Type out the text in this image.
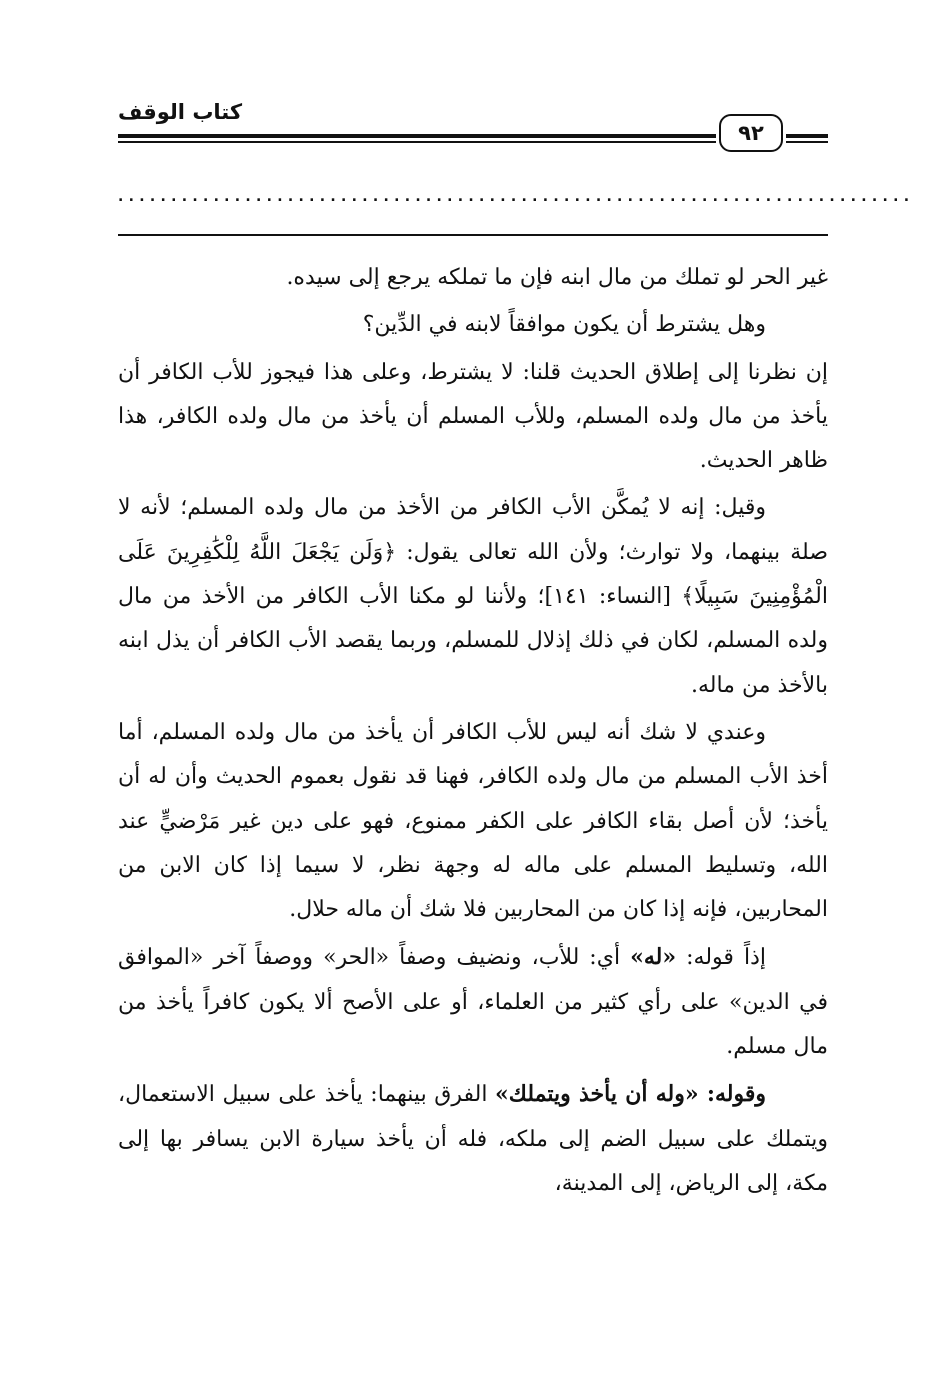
كتاب الوقف
٩٢
...........................................................................

غير الحر لو تملك من مال ابنه فإن ما تملكه يرجع إلى سيده.

وهل يشترط أن يكون موافقاً لابنه في الدِّين؟

إن نظرنا إلى إطلاق الحديث قلنا: لا يشترط، وعلى هذا فيجوز للأب الكافر أن يأخذ من مال ولده المسلم، وللأب المسلم أن يأخذ من مال ولده الكافر، هذا ظاهر الحديث.

وقيل: إنه لا يُمكَّن الأب الكافر من الأخذ من مال ولده المسلم؛ لأنه لا صلة بينهما، ولا توارث؛ ولأن الله تعالى يقول: ﴿وَلَن يَجْعَلَ اللَّهُ لِلْكَٰفِرِينَ عَلَى الْمُؤْمِنِينَ سَبِيلًا﴾ [النساء: ١٤١]؛ ولأننا لو مكنا الأب الكافر من الأخذ من مال ولده المسلم، لكان في ذلك إذلال للمسلم، وربما يقصد الأب الكافر أن يذل ابنه بالأخذ من ماله.

وعندي لا شك أنه ليس للأب الكافر أن يأخذ من مال ولده المسلم، أما أخذ الأب المسلم من مال ولده الكافر، فهنا قد نقول بعموم الحديث وأن له أن يأخذ؛ لأن أصل بقاء الكافر على الكفر ممنوع، فهو على دين غير مَرْضيٍّ عند الله، وتسليط المسلم على ماله له وجهة نظر، لا سيما إذا كان الابن من المحاربين، فإنه إذا كان من المحاربين فلا شك أن ماله حلال.

إذاً قوله: «له» أي: للأب، ونضيف وصفاً «الحر» ووصفاً آخر «الموافق في الدين» على رأي كثير من العلماء، أو على الأصح ألا يكون كافراً يأخذ من مال مسلم.

وقوله: «وله أن يأخذ ويتملك» الفرق بينهما: يأخذ على سبيل الاستعمال، ويتملك على سبيل الضم إلى ملكه، فله أن يأخذ سيارة الابن يسافر بها إلى مكة، إلى الرياض، إلى المدينة،
